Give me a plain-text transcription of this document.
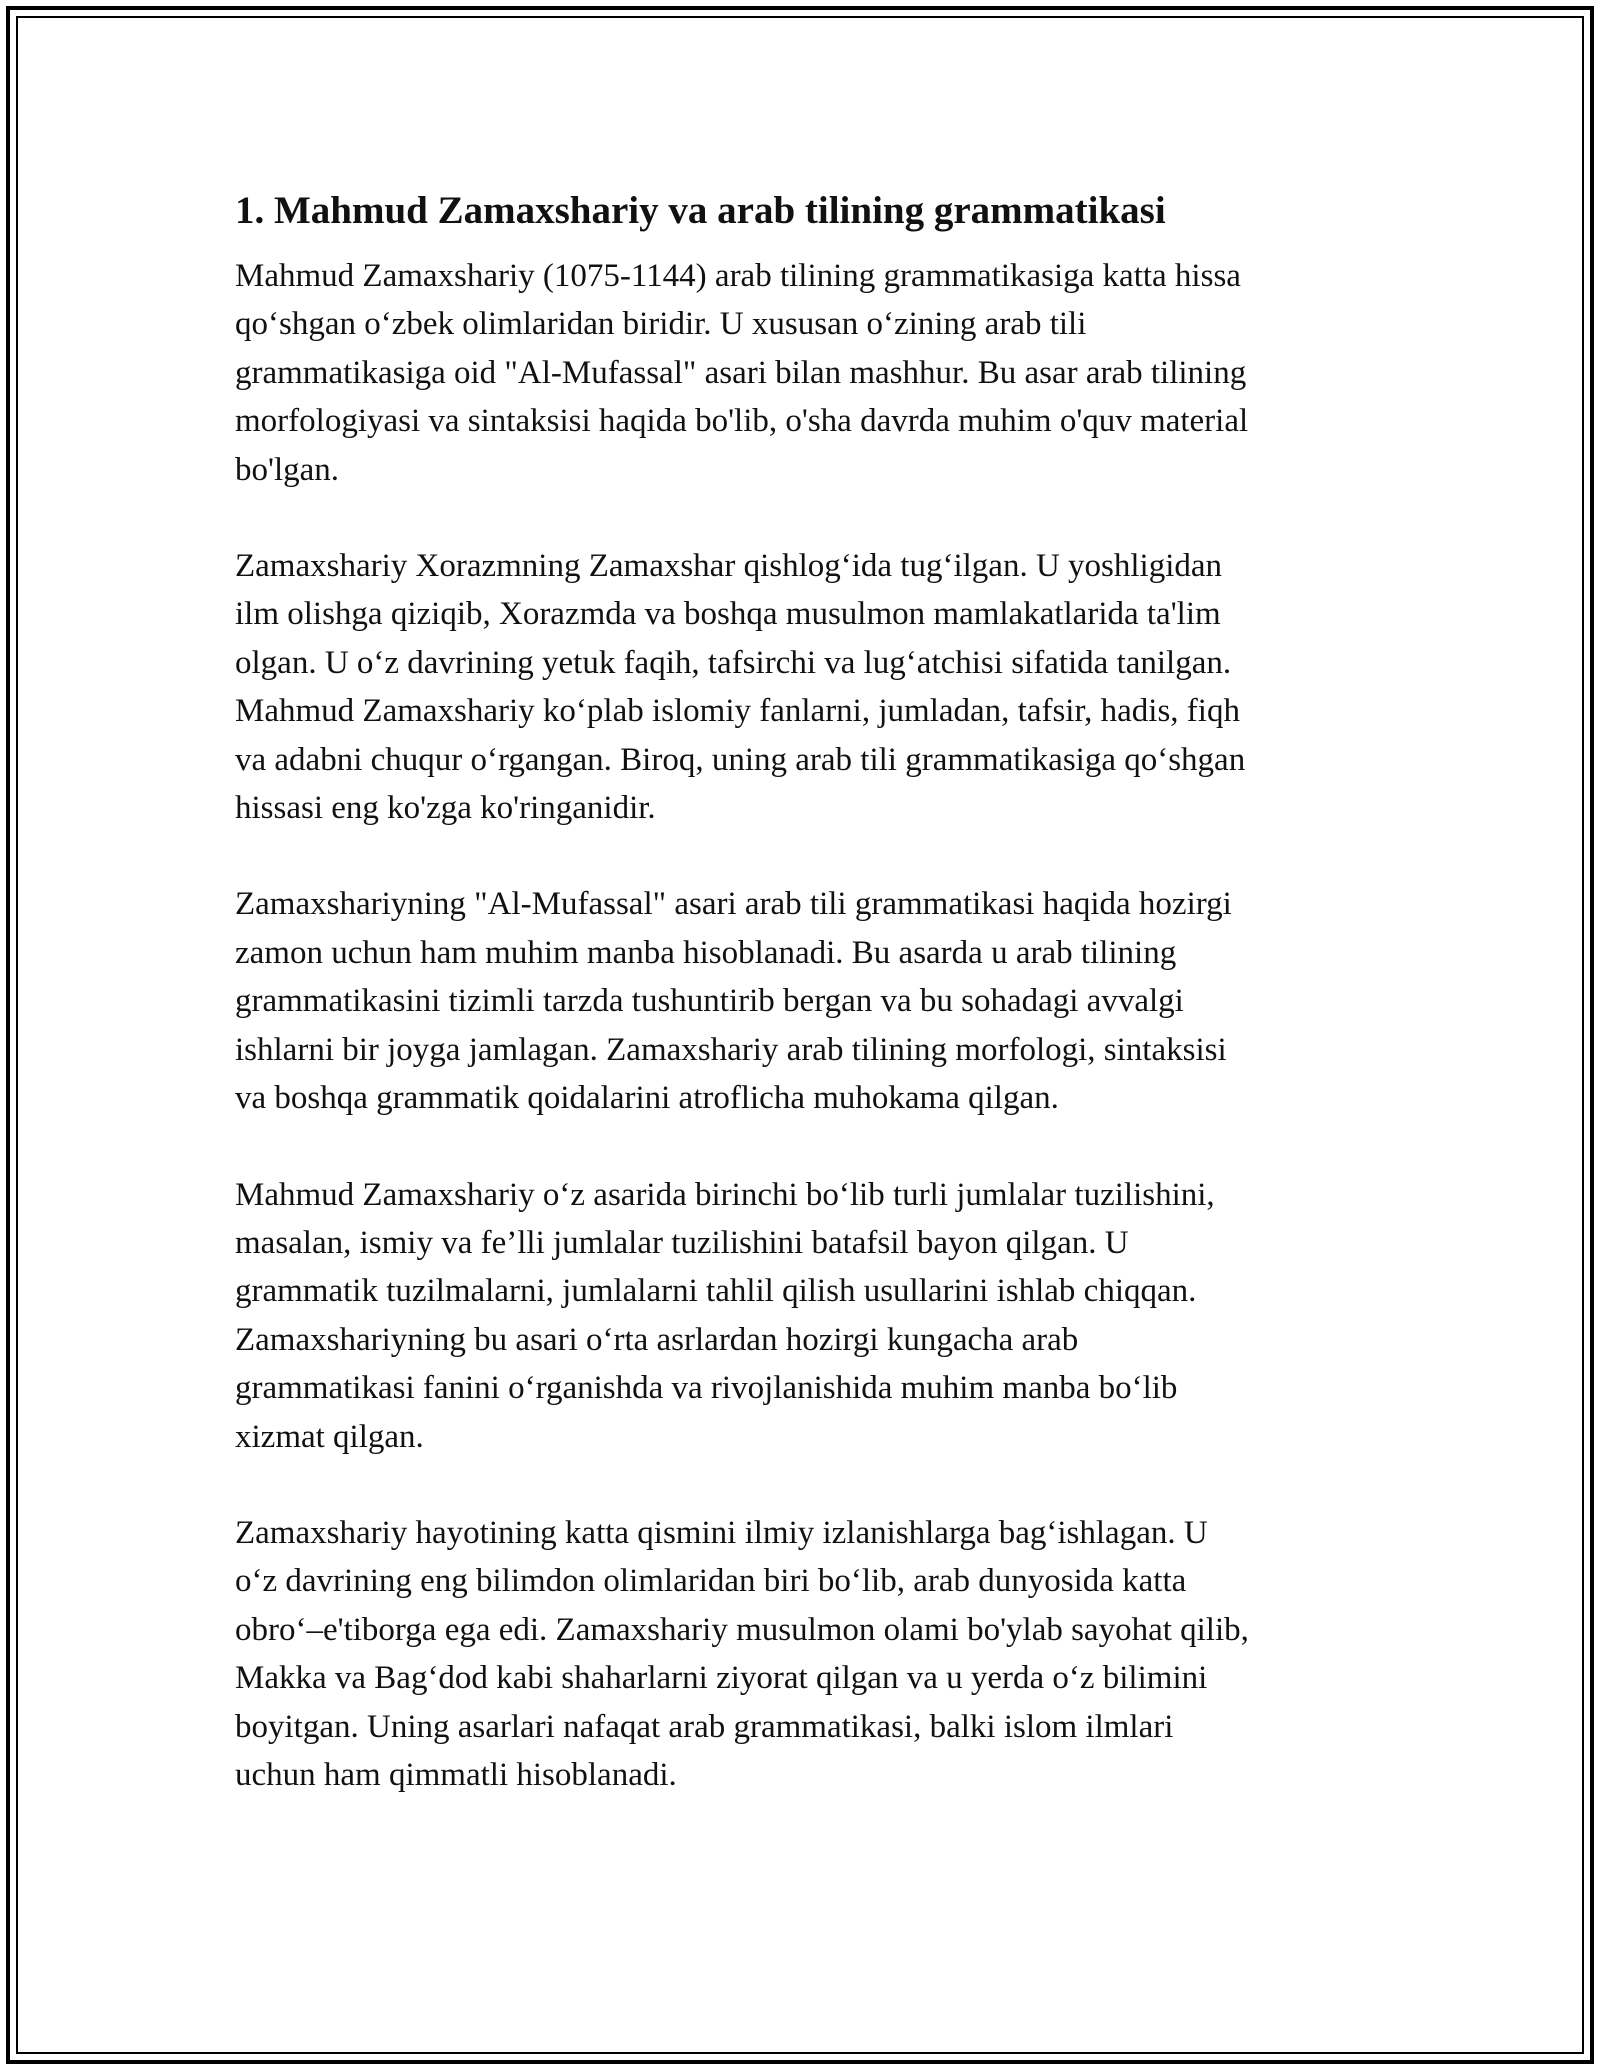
1. Mahmud Zamaxshariy va arab tilining grammatikasi

Mahmud Zamaxshariy (1075-1144) arab tilining grammatikasiga katta hissa
qo‘shgan o‘zbek olimlaridan biridir. U xususan o‘zining arab tili
grammatikasiga oid "Al-Mufassal" asari bilan mashhur. Bu asar arab tilining
morfologiyasi va sintaksisi haqida bo'lib, o'sha davrda muhim o'quv material
bo'lgan.

Zamaxshariy Xorazmning Zamaxshar qishlog‘ida tug‘ilgan. U yoshligidan
ilm olishga qiziqib, Xorazmda va boshqa musulmon mamlakatlarida ta'lim
olgan. U o‘z davrining yetuk faqih, tafsirchi va lug‘atchisi sifatida tanilgan.
Mahmud Zamaxshariy ko‘plab islomiy fanlarni, jumladan, tafsir, hadis, fiqh
va adabni chuqur o‘rgangan. Biroq, uning arab tili grammatikasiga qo‘shgan
hissasi eng ko'zga ko'ringanidir.

Zamaxshariyning "Al-Mufassal" asari arab tili grammatikasi haqida hozirgi
zamon uchun ham muhim manba hisoblanadi. Bu asarda u arab tilining
grammatikasini tizimli tarzda tushuntirib bergan va bu sohadagi avvalgi
ishlarni bir joyga jamlagan. Zamaxshariy arab tilining morfologi, sintaksisi
va boshqa grammatik qoidalarini atroflicha muhokama qilgan.

Mahmud Zamaxshariy o‘z asarida birinchi bo‘lib turli jumlalar tuzilishini,
masalan, ismiy va fe’lli jumlalar tuzilishini batafsil bayon qilgan. U
grammatik tuzilmalarni, jumlalarni tahlil qilish usullarini ishlab chiqqan.
Zamaxshariyning bu asari o‘rta asrlardan hozirgi kungacha arab
grammatikasi fanini o‘rganishda va rivojlanishida muhim manba bo‘lib
xizmat qilgan.

Zamaxshariy hayotining katta qismini ilmiy izlanishlarga bag‘ishlagan. U
o‘z davrining eng bilimdon olimlaridan biri bo‘lib, arab dunyosida katta
obro‘–e'tiborga ega edi. Zamaxshariy musulmon olami bo'ylab sayohat qilib,
Makka va Bag‘dod kabi shaharlarni ziyorat qilgan va u yerda o‘z bilimini
boyitgan. Uning asarlari nafaqat arab grammatikasi, balki islom ilmlari
uchun ham qimmatli hisoblanadi.
